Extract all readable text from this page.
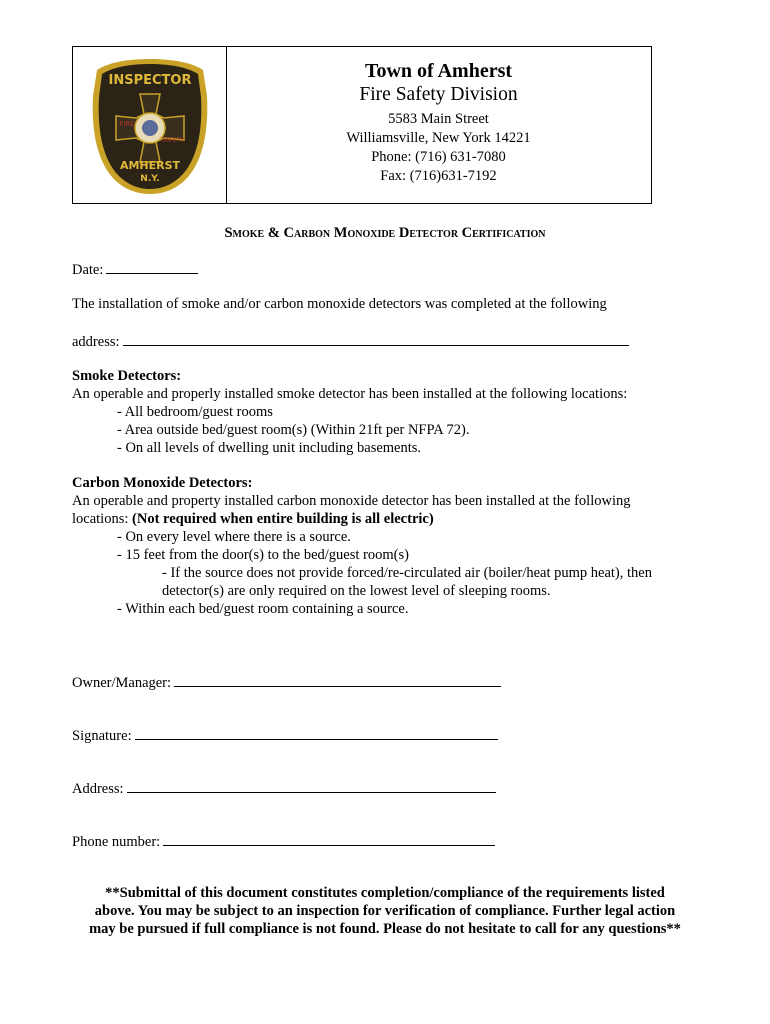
INSPECTOR
FIRE
SAFETY
AMHERST
N.Y.
Town of Amherst
Fire Safety Division
5583 Main Street
Williamsville, New York 14221
Phone: (716) 631-7080
Fax: (716)631-7192
Smoke & Carbon Monoxide Detector Certification
Date:
The installation of smoke and/or carbon monoxide detectors was completed at the following
address:
Smoke Detectors:
An operable and properly installed smoke detector has been installed at the following locations:
- All bedroom/guest rooms
- Area outside bed/guest room(s) (Within 21ft per NFPA 72).
- On all levels of dwelling unit including basements.
Carbon Monoxide Detectors:
An operable and property installed carbon monoxide detector has been installed at the following
locations: (Not required when entire building is all electric)
- On every level where there is a source.
- 15 feet from the door(s) to the bed/guest room(s)
- If the source does not provide forced/re-circulated air (boiler/heat pump heat), then
detector(s) are only required on the lowest level of sleeping rooms.
- Within each bed/guest room containing a source.
Owner/Manager:
Signature:
Address:
Phone number:
**Submittal of this document constitutes completion/compliance of the requirements listed
above. You may be subject to an inspection for verification of compliance. Further legal action
may be pursued if full compliance is not found. Please do not hesitate to call for any questions**
